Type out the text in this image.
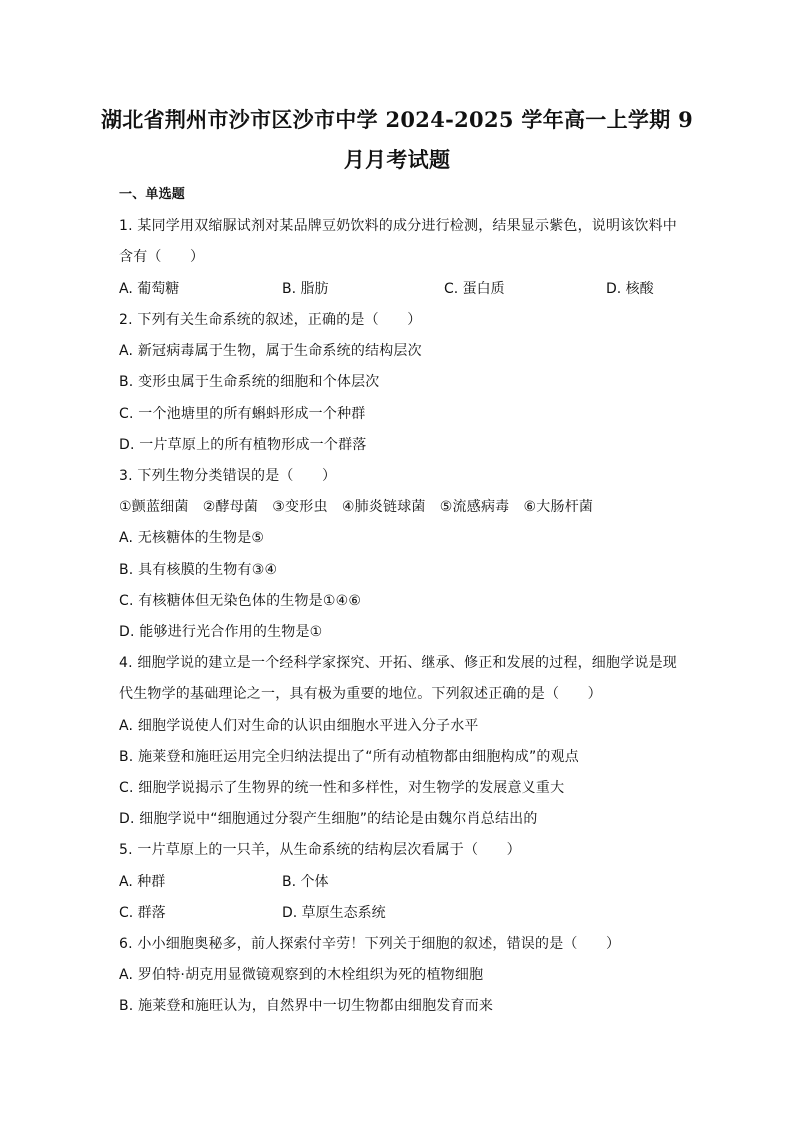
湖北省荆州市沙市区沙市中学 2024-2025 学年高一上学期 9
月月考试题
一、单选题
1. 某同学用双缩脲试剂对某品牌豆奶饮料的成分进行检测，结果显示紫色，说明该饮料中
含有（　　）
A. 葡萄糖	B. 脂肪	C. 蛋白质	D. 核酸
2. 下列有关生命系统的叙述，正确的是（　　）
A. 新冠病毒属于生物，属于生命系统的结构层次
B. 变形虫属于生命系统的细胞和个体层次
C. 一个池塘里的所有蝌蚪形成一个种群
D. 一片草原上的所有植物形成一个群落
3. 下列生物分类错误的是（　　）
①颤蓝细菌　②酵母菌　③变形虫　④肺炎链球菌　⑤流感病毒　⑥大肠杆菌
A. 无核糖体的生物是⑤
B. 具有核膜的生物有③④
C. 有核糖体但无染色体的生物是①④⑥
D. 能够进行光合作用的生物是①
4. 细胞学说的建立是一个经科学家探究、开拓、继承、修正和发展的过程，细胞学说是现
代生物学的基础理论之一，具有极为重要的地位。下列叙述正确的是（　　）
A. 细胞学说使人们对生命的认识由细胞水平进入分子水平
B. 施莱登和施旺运用完全归纳法提出了“所有动植物都由细胞构成”的观点
C. 细胞学说揭示了生物界的统一性和多样性，对生物学的发展意义重大
D. 细胞学说中“细胞通过分裂产生细胞”的结论是由魏尔肖总结出的
5. 一片草原上的一只羊，从生命系统的结构层次看属于（　　）
A. 种群	B. 个体
C. 群落	D. 草原生态系统
6. 小小细胞奥秘多，前人探索付辛劳！下列关于细胞的叙述，错误的是（　　）
A. 罗伯特·胡克用显微镜观察到的木栓组织为死的植物细胞
B. 施莱登和施旺认为，自然界中一切生物都由细胞发育而来
